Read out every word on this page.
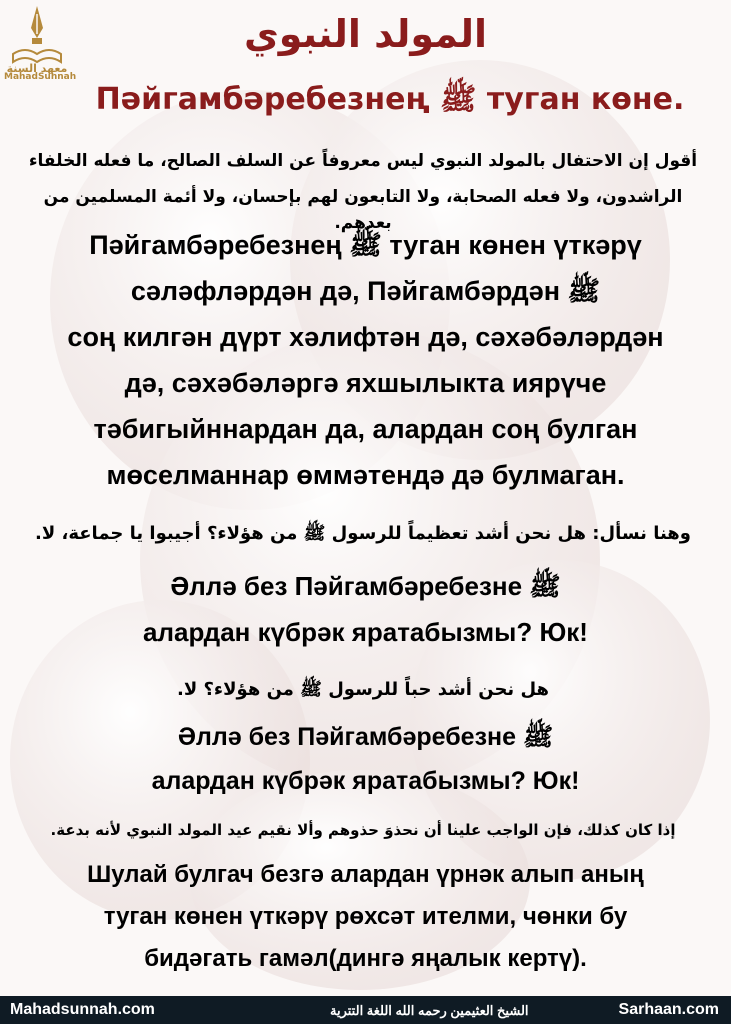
معهد السنة
MahadSunnah
المولد النبوي
Пәйгамбәребезнең ﷺ туган көне.
أقول إن الاحتفال بالمولد النبوي ليس معروفاً عن السلف الصالح، ما فعله الخلفاء
الراشدون، ولا فعله الصحابة، ولا التابعون لهم بإحسان، ولا أئمة المسلمين من بعدهم.
Пәйгамбәребезнең ﷺ туган көнен үткәрү
сәләфләрдән дә, Пәйгамбәрдән ﷺ
соң килгән дүрт хәлифтән дә, сәхәбәләрдән
дә, сәхәбәләргә яхшылыкта иярүче
тәбигыйннардан да, алардан соң булган
мөселманнар өммәтендә дә булмаган.
وهنا نسأل: هل نحن أشد تعظيماً للرسول ﷺ من هؤلاء؟ أجيبوا يا جماعة، لا.
Әллә без Пәйгамбәребезне ﷺ
алардан күбрәк яратабызмы? Юк!
هل نحن أشد حباً للرسول ﷺ من هؤلاء؟ لا.
Әллә без Пәйгамбәребезне ﷺ
алардан күбрәк яратабызмы? Юк!
إذا كان كذلك، فإن الواجب علينا أن نحذوَ حذوهم وألا نقيم عيد المولد النبوي لأنه بدعة.
Шулай булгач безгә алардан үрнәк алып аның
туган көнен үткәрү рөхсәт ителми, чөнки бу
бидәгать гамәл(дингә яңалык кертү).
Mahadsunnah.com	الشيخ العثيمين رحمه الله اللغة التترية	Sarhaan.com
